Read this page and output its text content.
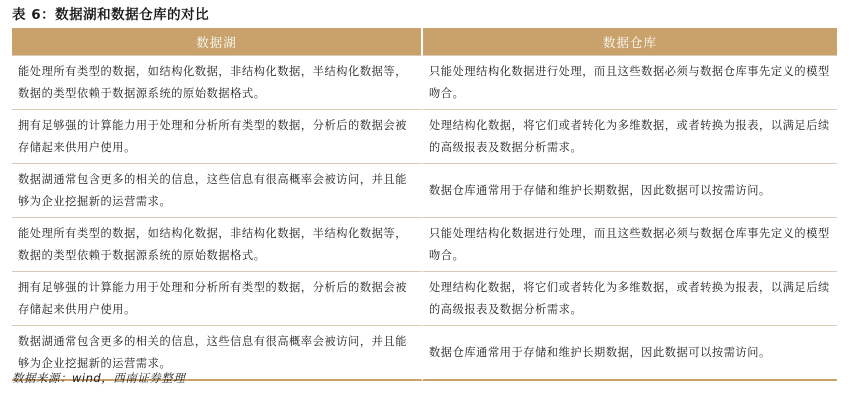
表 6：数据湖和数据仓库的对比
数据湖	数据仓库
能处理所有类型的数据，如结构化数据，非结构化数据，半结构化数据等，数据的类型依赖于数据源系统的原始数据格式。	只能处理结构化数据进行处理，而且这些数据必须与数据仓库事先定义的模型吻合。
拥有足够强的计算能力用于处理和分析所有类型的数据，分析后的数据会被存储起来供用户使用。	处理结构化数据，将它们或者转化为多维数据，或者转换为报表，以满足后续的高级报表及数据分析需求。
数据湖通常包含更多的相关的信息，这些信息有很高概率会被访问，并且能够为企业挖掘新的运营需求。	数据仓库通常用于存储和维护长期数据，因此数据可以按需访问。
能处理所有类型的数据，如结构化数据，非结构化数据，半结构化数据等，数据的类型依赖于数据源系统的原始数据格式。	只能处理结构化数据进行处理，而且这些数据必须与数据仓库事先定义的模型吻合。
拥有足够强的计算能力用于处理和分析所有类型的数据，分析后的数据会被存储起来供用户使用。	处理结构化数据，将它们或者转化为多维数据，或者转换为报表，以满足后续的高级报表及数据分析需求。
数据湖通常包含更多的相关的信息，这些信息有很高概率会被访问，并且能够为企业挖掘新的运营需求。	数据仓库通常用于存储和维护长期数据，因此数据可以按需访问。
数据来源：wind，西南证券整理
